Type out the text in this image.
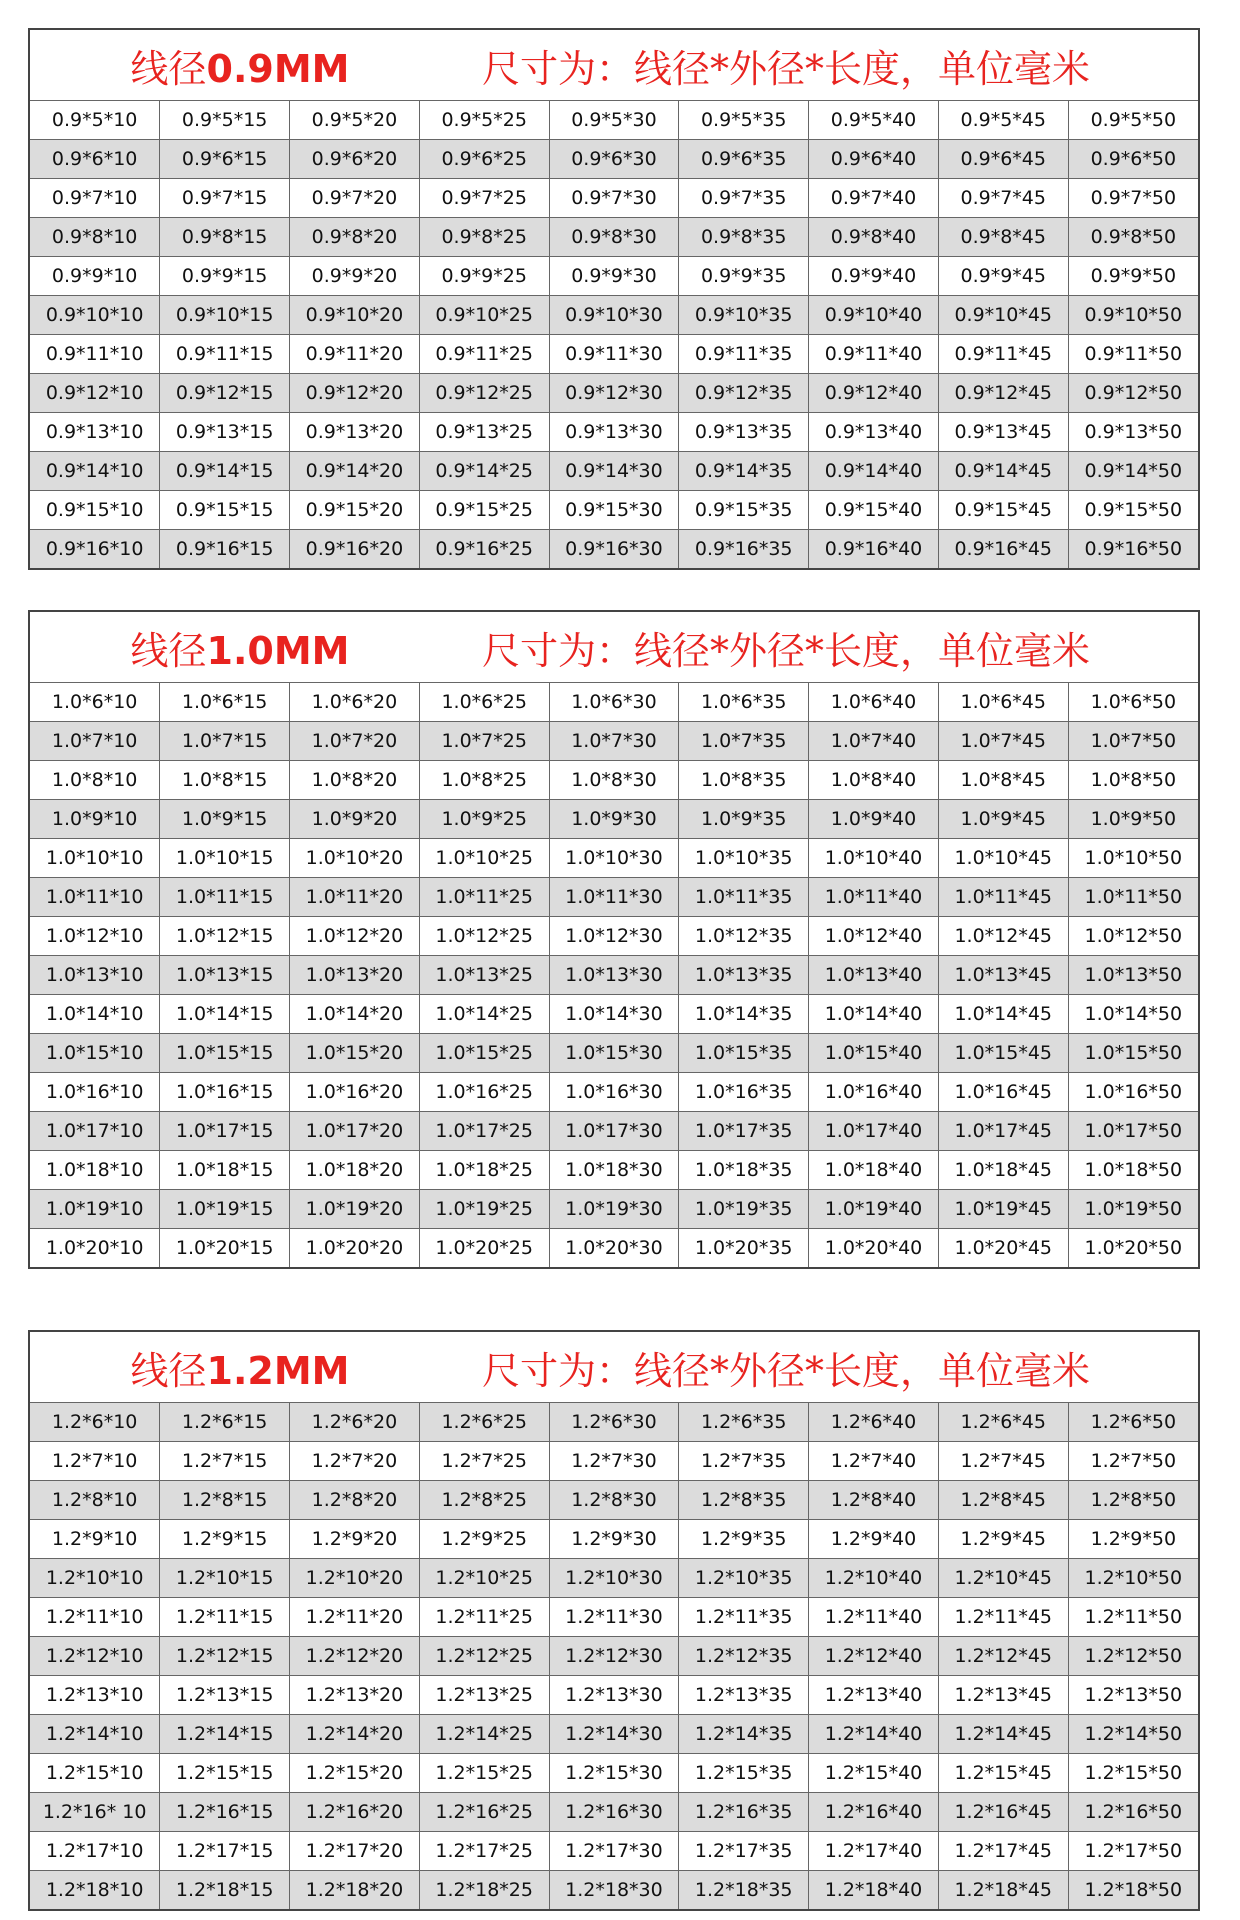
线径0.9MM	尺寸为：线径*外径*长度，单位毫米
0.9*5*10	0.9*5*15	0.9*5*20	0.9*5*25	0.9*5*30	0.9*5*35	0.9*5*40	0.9*5*45	0.9*5*50
0.9*6*10	0.9*6*15	0.9*6*20	0.9*6*25	0.9*6*30	0.9*6*35	0.9*6*40	0.9*6*45	0.9*6*50
0.9*7*10	0.9*7*15	0.9*7*20	0.9*7*25	0.9*7*30	0.9*7*35	0.9*7*40	0.9*7*45	0.9*7*50
0.9*8*10	0.9*8*15	0.9*8*20	0.9*8*25	0.9*8*30	0.9*8*35	0.9*8*40	0.9*8*45	0.9*8*50
0.9*9*10	0.9*9*15	0.9*9*20	0.9*9*25	0.9*9*30	0.9*9*35	0.9*9*40	0.9*9*45	0.9*9*50
0.9*10*10	0.9*10*15	0.9*10*20	0.9*10*25	0.9*10*30	0.9*10*35	0.9*10*40	0.9*10*45	0.9*10*50
0.9*11*10	0.9*11*15	0.9*11*20	0.9*11*25	0.9*11*30	0.9*11*35	0.9*11*40	0.9*11*45	0.9*11*50
0.9*12*10	0.9*12*15	0.9*12*20	0.9*12*25	0.9*12*30	0.9*12*35	0.9*12*40	0.9*12*45	0.9*12*50
0.9*13*10	0.9*13*15	0.9*13*20	0.9*13*25	0.9*13*30	0.9*13*35	0.9*13*40	0.9*13*45	0.9*13*50
0.9*14*10	0.9*14*15	0.9*14*20	0.9*14*25	0.9*14*30	0.9*14*35	0.9*14*40	0.9*14*45	0.9*14*50
0.9*15*10	0.9*15*15	0.9*15*20	0.9*15*25	0.9*15*30	0.9*15*35	0.9*15*40	0.9*15*45	0.9*15*50
0.9*16*10	0.9*16*15	0.9*16*20	0.9*16*25	0.9*16*30	0.9*16*35	0.9*16*40	0.9*16*45	0.9*16*50
线径1.0MM	尺寸为：线径*外径*长度，单位毫米
1.0*6*10	1.0*6*15	1.0*6*20	1.0*6*25	1.0*6*30	1.0*6*35	1.0*6*40	1.0*6*45	1.0*6*50
1.0*7*10	1.0*7*15	1.0*7*20	1.0*7*25	1.0*7*30	1.0*7*35	1.0*7*40	1.0*7*45	1.0*7*50
1.0*8*10	1.0*8*15	1.0*8*20	1.0*8*25	1.0*8*30	1.0*8*35	1.0*8*40	1.0*8*45	1.0*8*50
1.0*9*10	1.0*9*15	1.0*9*20	1.0*9*25	1.0*9*30	1.0*9*35	1.0*9*40	1.0*9*45	1.0*9*50
1.0*10*10	1.0*10*15	1.0*10*20	1.0*10*25	1.0*10*30	1.0*10*35	1.0*10*40	1.0*10*45	1.0*10*50
1.0*11*10	1.0*11*15	1.0*11*20	1.0*11*25	1.0*11*30	1.0*11*35	1.0*11*40	1.0*11*45	1.0*11*50
1.0*12*10	1.0*12*15	1.0*12*20	1.0*12*25	1.0*12*30	1.0*12*35	1.0*12*40	1.0*12*45	1.0*12*50
1.0*13*10	1.0*13*15	1.0*13*20	1.0*13*25	1.0*13*30	1.0*13*35	1.0*13*40	1.0*13*45	1.0*13*50
1.0*14*10	1.0*14*15	1.0*14*20	1.0*14*25	1.0*14*30	1.0*14*35	1.0*14*40	1.0*14*45	1.0*14*50
1.0*15*10	1.0*15*15	1.0*15*20	1.0*15*25	1.0*15*30	1.0*15*35	1.0*15*40	1.0*15*45	1.0*15*50
1.0*16*10	1.0*16*15	1.0*16*20	1.0*16*25	1.0*16*30	1.0*16*35	1.0*16*40	1.0*16*45	1.0*16*50
1.0*17*10	1.0*17*15	1.0*17*20	1.0*17*25	1.0*17*30	1.0*17*35	1.0*17*40	1.0*17*45	1.0*17*50
1.0*18*10	1.0*18*15	1.0*18*20	1.0*18*25	1.0*18*30	1.0*18*35	1.0*18*40	1.0*18*45	1.0*18*50
1.0*19*10	1.0*19*15	1.0*19*20	1.0*19*25	1.0*19*30	1.0*19*35	1.0*19*40	1.0*19*45	1.0*19*50
1.0*20*10	1.0*20*15	1.0*20*20	1.0*20*25	1.0*20*30	1.0*20*35	1.0*20*40	1.0*20*45	1.0*20*50
线径1.2MM	尺寸为：线径*外径*长度，单位毫米
1.2*6*10	1.2*6*15	1.2*6*20	1.2*6*25	1.2*6*30	1.2*6*35	1.2*6*40	1.2*6*45	1.2*6*50
1.2*7*10	1.2*7*15	1.2*7*20	1.2*7*25	1.2*7*30	1.2*7*35	1.2*7*40	1.2*7*45	1.2*7*50
1.2*8*10	1.2*8*15	1.2*8*20	1.2*8*25	1.2*8*30	1.2*8*35	1.2*8*40	1.2*8*45	1.2*8*50
1.2*9*10	1.2*9*15	1.2*9*20	1.2*9*25	1.2*9*30	1.2*9*35	1.2*9*40	1.2*9*45	1.2*9*50
1.2*10*10	1.2*10*15	1.2*10*20	1.2*10*25	1.2*10*30	1.2*10*35	1.2*10*40	1.2*10*45	1.2*10*50
1.2*11*10	1.2*11*15	1.2*11*20	1.2*11*25	1.2*11*30	1.2*11*35	1.2*11*40	1.2*11*45	1.2*11*50
1.2*12*10	1.2*12*15	1.2*12*20	1.2*12*25	1.2*12*30	1.2*12*35	1.2*12*40	1.2*12*45	1.2*12*50
1.2*13*10	1.2*13*15	1.2*13*20	1.2*13*25	1.2*13*30	1.2*13*35	1.2*13*40	1.2*13*45	1.2*13*50
1.2*14*10	1.2*14*15	1.2*14*20	1.2*14*25	1.2*14*30	1.2*14*35	1.2*14*40	1.2*14*45	1.2*14*50
1.2*15*10	1.2*15*15	1.2*15*20	1.2*15*25	1.2*15*30	1.2*15*35	1.2*15*40	1.2*15*45	1.2*15*50
1.2*16* 10	1.2*16*15	1.2*16*20	1.2*16*25	1.2*16*30	1.2*16*35	1.2*16*40	1.2*16*45	1.2*16*50
1.2*17*10	1.2*17*15	1.2*17*20	1.2*17*25	1.2*17*30	1.2*17*35	1.2*17*40	1.2*17*45	1.2*17*50
1.2*18*10	1.2*18*15	1.2*18*20	1.2*18*25	1.2*18*30	1.2*18*35	1.2*18*40	1.2*18*45	1.2*18*50
